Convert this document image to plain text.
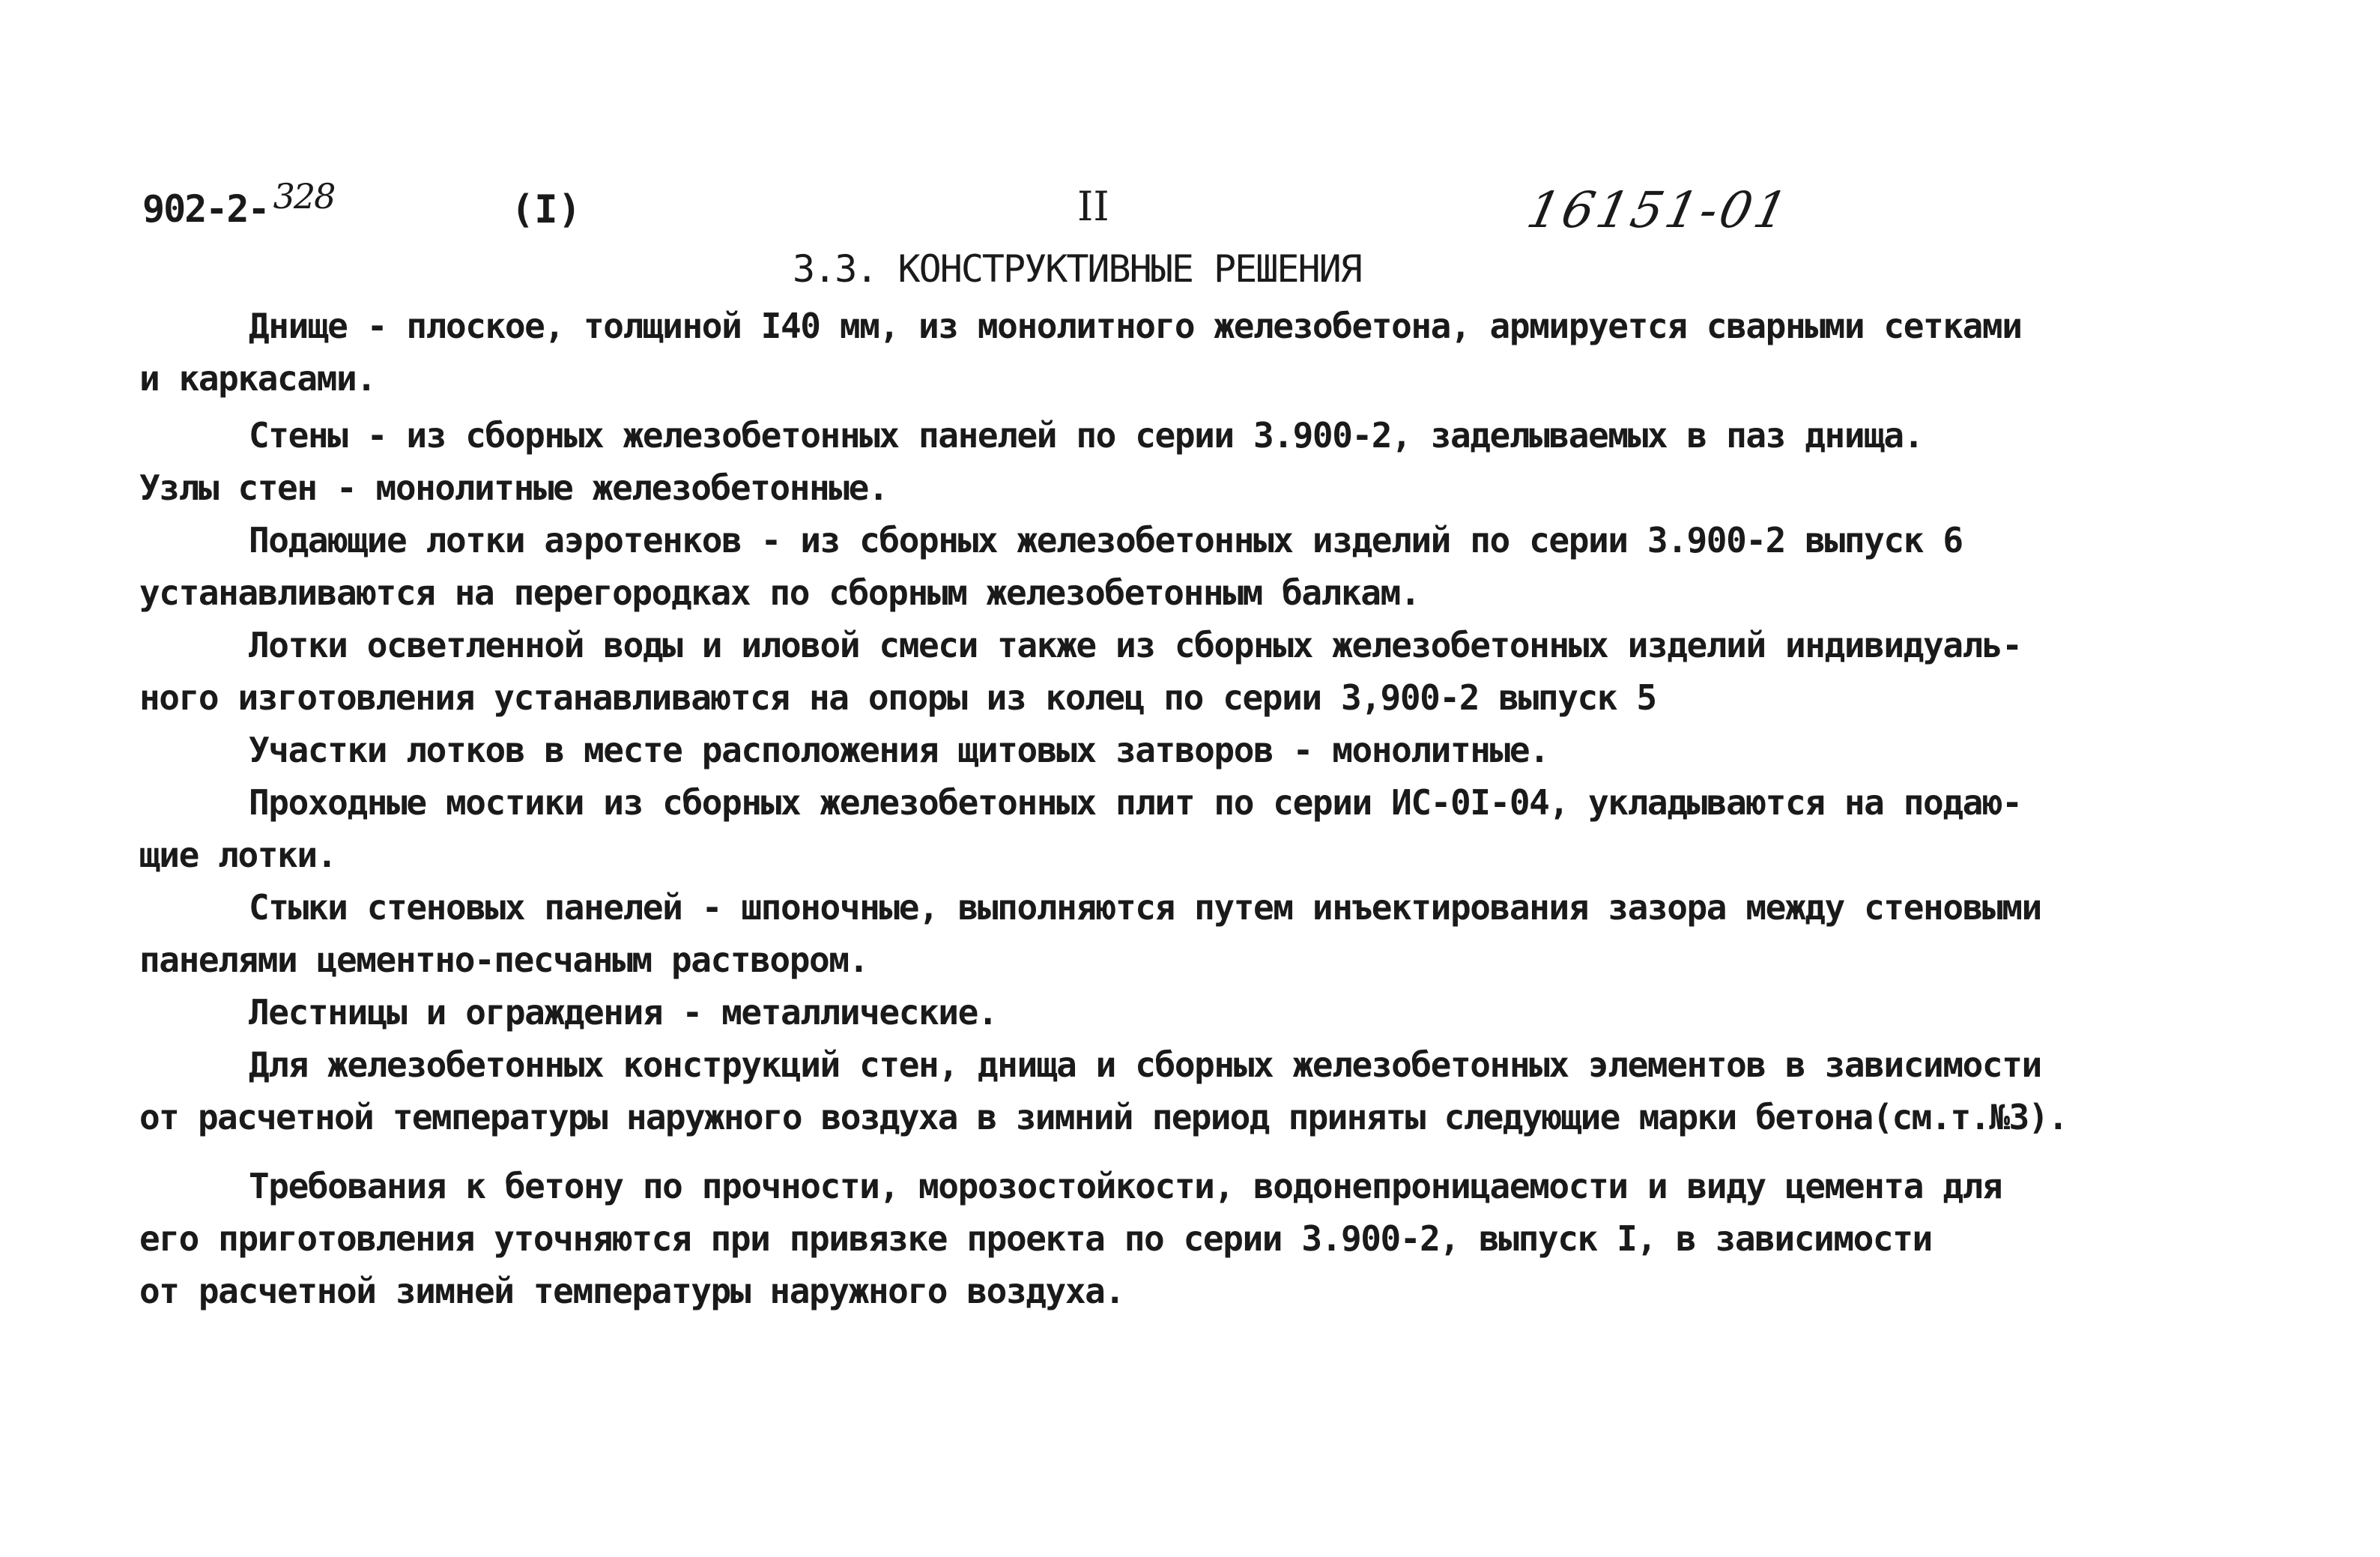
902-2- 328	(I)	II	16151-01
3.3. КОНСТРУКТИВНЫЕ РЕШЕНИЯ
Днище - плоское, толщиной I40 мм, из монолитного железобетона, армируется сварными сетками
и каркасами.
Стены - из сборных железобетонных панелей по серии 3.900-2, заделываемых в паз днища.
Узлы стен - монолитные железобетонные.
Подающие лотки аэротенков - из сборных железобетонных изделий по серии 3.900-2 выпуск 6
устанавливаются на перегородках по сборным железобетонным балкам.
Лотки осветленной воды и иловой смеси также из сборных железобетонных изделий индивидуаль-
ного изготовления устанавливаются на опоры из колец по серии 3,900-2 выпуск 5
Участки лотков в месте расположения щитовых затворов - монолитные.
Проходные мостики из сборных железобетонных плит по серии ИС-0I-04, укладываются на подаю-
щие лотки.
Стыки стеновых панелей - шпоночные, выполняются путем инъектирования зазора между стеновыми
панелями цементно-песчаным раствором.
Лестницы и ограждения - металлические.
Для железобетонных конструкций стен, днища и сборных железобетонных элементов в зависимости
от расчетной температуры наружного воздуха в зимний период приняты следующие марки бетона(см.т.№3).
Требования к бетону по прочности, морозостойкости, водонепроницаемости и виду цемента для
его приготовления уточняются при привязке проекта по серии 3.900-2, выпуск I, в зависимости
от расчетной зимней температуры наружного воздуха.
